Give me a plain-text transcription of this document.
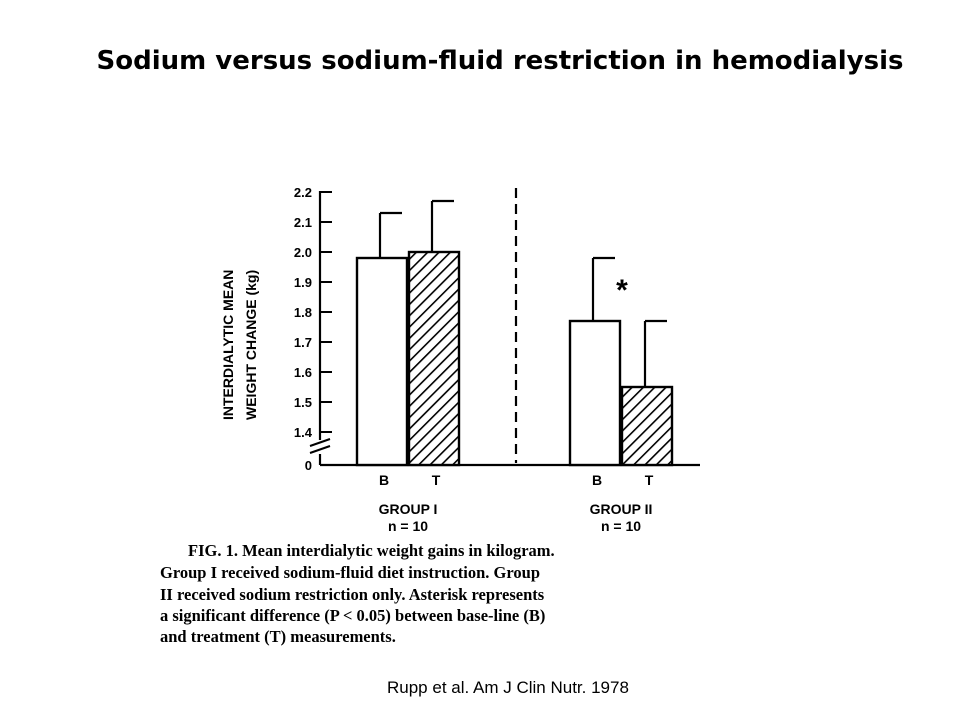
Sodium versus sodium-fluid restriction in hemodialysis
INTERDIALYTIC MEAN WEIGHT CHANGE (kg)
2.2
2.1
2.0
1.9
1.8
1.7
1.6
1.5
1.4
0
B	T
GROUP I
n = 10
B	T
GROUP II
n = 10
*
FIG. 1. Mean interdialytic weight gains in kilogram.
Group I received sodium-fluid diet instruction. Group
II received sodium restriction only. Asterisk represents
a significant difference (P < 0.05) between base-line (B)
and treatment (T) measurements.
Rupp et al. Am J Clin Nutr. 1978
